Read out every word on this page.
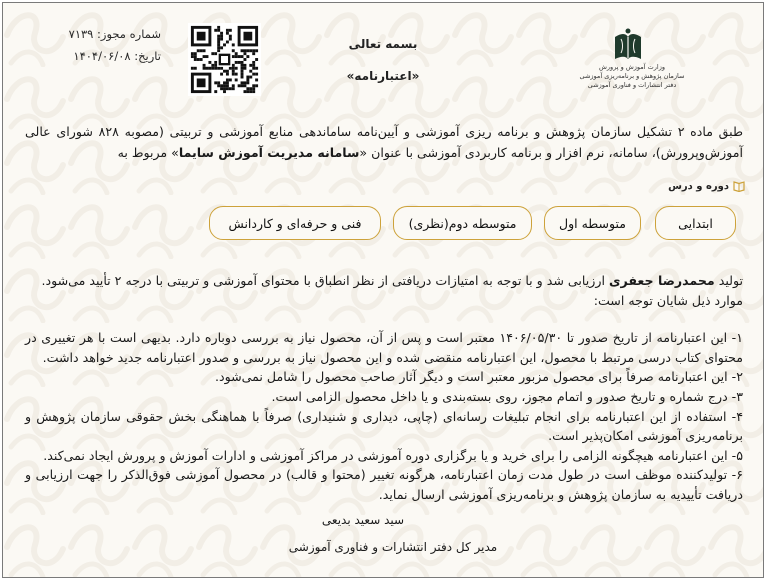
شماره مجوز: ۷۱۳۹
تاریخ: ۱۴۰۴/۰۶/۰۸
بسمه تعالی
«اعتبارنامه»
وزارت آموزش و پرورش
سازمان پژوهش و برنامه‌ریزی آموزشی
دفتر انتشارات و فناوری آموزشی
طبق ماده ۲ تشکیل سازمان پژوهش و برنامه ریزی آموزشی و آیین‌نامه ساماندهی منابع آموزشی و تربیتی (مصوبه ۸۲۸ شورای عالی آموزش‌وپرورش)، سامانه، نرم افزار و برنامه کاربردی آموزشی با عنوان «سامانه مدیریت آموزش سایما» مربوط به
دوره و درس
ابتدایی
متوسطه اول
متوسطه دوم(نظری)
فنی و حرفه‌ای و کاردانش

تولید محمدرضا جعفری ارزیابی شد و با توجه به امتیازات دریافتی از نظر انطباق با محتوای آموزشی و تربیتی با درجه ۲ تأیید می‌شود.

موارد ذیل شایان توجه است:

۱- این اعتبارنامه از تاریخ صدور تا ۱۴۰۶/۰۵/۳۰ معتبر است و پس از آن، محصول نیاز به بررسی دوباره دارد. بدیهی است با هر تغییری در محتوای کتاب درسی مرتبط با محصول، این اعتبارنامه منقضی شده و این محصول نیاز به بررسی و صدور اعتبارنامه جدید خواهد داشت.

۲- این اعتبارنامه صرفاً برای محصول مزبور معتبر است و دیگر آثار صاحب محصول را شامل نمی‌شود.

۳- درج شماره و تاریخ صدور و اتمام مجوز، روی بسته‌بندی و یا داخل محصول الزامی است.

۴- استفاده از این اعتبارنامه برای انجام تبلیغات رسانه‌ای (چاپی، دیداری و شنیداری) صرفاً با هماهنگی بخش حقوقی سازمان پژوهش و برنامه‌ریزی آموزشی امکان‌پذیر است.

۵- این اعتبارنامه هیچگونه الزامی را برای خرید و یا برگزاری دوره آموزشی در مراکز آموزشی و ادارات آموزش و پرورش ایجاد نمی‌کند.

۶- تولیدکننده موظف است در طول مدت زمان اعتبارنامه، هرگونه تغییر (محتوا و قالب) در محصول آموزشی فوق‌الذکر را جهت ارزیابی و دریافت تأییدیه به سازمان پژوهش و برنامه‌ریزی آموزشی ارسال نماید.

سید سعید بدیعی
مدیر کل دفتر انتشارات و فناوری آموزشی
